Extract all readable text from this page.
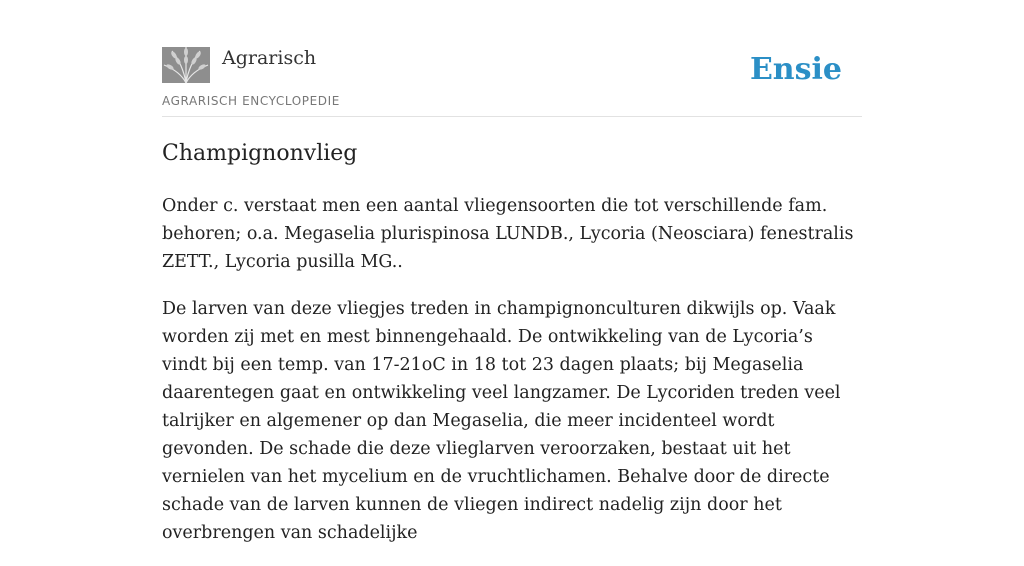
Agrarisch
AGRARISCH ENCYCLOPEDIE
Ensie
Champignonvlieg

Onder c. verstaat men een aantal vliegensoorten die tot verschillende fam. behoren; o.a. Megaselia plurispinosa LUNDB., Lycoria (Neosciara) fenestralis ZETT., Lycoria pusilla MG..

De larven van deze vliegjes treden in champignonculturen dikwijls op. Vaak worden zij met en mest binnengehaald. De ontwikkeling van de Lycoria’s vindt bij een temp. van 17-21oC in 18 tot 23 dagen plaats; bij Megaselia daarentegen gaat en ontwikkeling veel langzamer. De Lycoriden treden veel talrijker en algemener op dan Megaselia, die meer incidenteel wordt gevonden. De schade die deze vlieglarven veroorzaken, bestaat uit het vernielen van het mycelium en de vruchtlichamen. Behalve door de directe schade van de larven kunnen de vliegen indirect nadelig zijn door het overbrengen van schadelijke
